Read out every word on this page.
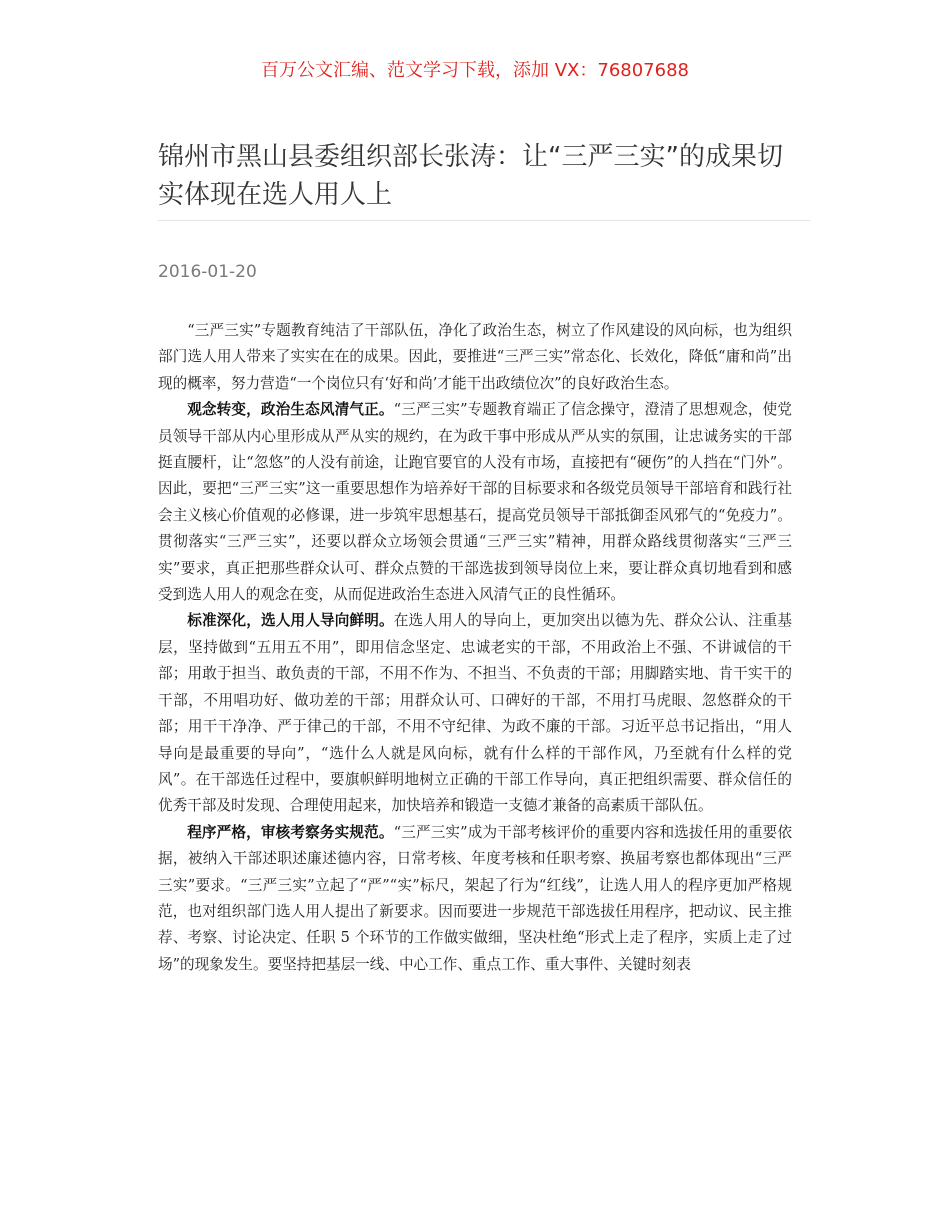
百万公文汇编、范文学习下载，添加 VX：76807688
锦州市黑山县委组织部长张涛：让“三严三实”的成果切实体现在选人用人上
2016-01-20

“三严三实”专题教育纯洁了干部队伍，净化了政治生态，树立了作风建设的风向标，也为组织部门选人用人带来了实实在在的成果。因此，要推进“三严三实”常态化、长效化，降低“庸和尚”出现的概率，努力营造“一个岗位只有‘好和尚’才能干出政绩位次”的良好政治生态。

观念转变，政治生态风清气正。“三严三实”专题教育端正了信念操守，澄清了思想观念，使党员领导干部从内心里形成从严从实的规约，在为政干事中形成从严从实的氛围，让忠诚务实的干部挺直腰杆，让“忽悠”的人没有前途，让跑官要官的人没有市场，直接把有“硬伤”的人挡在“门外”。因此，要把“三严三实”这一重要思想作为培养好干部的目标要求和各级党员领导干部培育和践行社会主义核心价值观的必修课，进一步筑牢思想基石，提高党员领导干部抵御歪风邪气的“免疫力”。贯彻落实“三严三实”，还要以群众立场领会贯通“三严三实”精神，用群众路线贯彻落实“三严三实”要求，真正把那些群众认可、群众点赞的干部选拔到领导岗位上来，要让群众真切地看到和感受到选人用人的观念在变，从而促进政治生态进入风清气正的良性循环。

标准深化，选人用人导向鲜明。在选人用人的导向上，更加突出以德为先、群众公认、注重基层，坚持做到“五用五不用”，即用信念坚定、忠诚老实的干部，不用政治上不强、不讲诚信的干部；用敢于担当、敢负责的干部，不用不作为、不担当、不负责的干部；用脚踏实地、肯干实干的干部，不用唱功好、做功差的干部；用群众认可、口碑好的干部，不用打马虎眼、忽悠群众的干部；用干干净净、严于律己的干部，不用不守纪律、为政不廉的干部。习近平总书记指出，“用人导向是最重要的导向”，“选什么人就是风向标，就有什么样的干部作风，乃至就有什么样的党风”。在干部选任过程中，要旗帜鲜明地树立正确的干部工作导向，真正把组织需要、群众信任的优秀干部及时发现、合理使用起来，加快培养和锻造一支德才兼备的高素质干部队伍。

程序严格，审核考察务实规范。“三严三实”成为干部考核评价的重要内容和选拔任用的重要依据，被纳入干部述职述廉述德内容，日常考核、年度考核和任职考察、换届考察也都体现出“三严三实”要求。“三严三实”立起了“严”“实”标尺，架起了行为“红线”，让选人用人的程序更加严格规范，也对组织部门选人用人提出了新要求。因而要进一步规范干部选拔任用程序，把动议、民主推荐、考察、讨论决定、任职 5 个环节的工作做实做细，坚决杜绝“形式上走了程序，实质上走了过场”的现象发生。要坚持把基层一线、中心工作、重点工作、重大事件、关键时刻表
